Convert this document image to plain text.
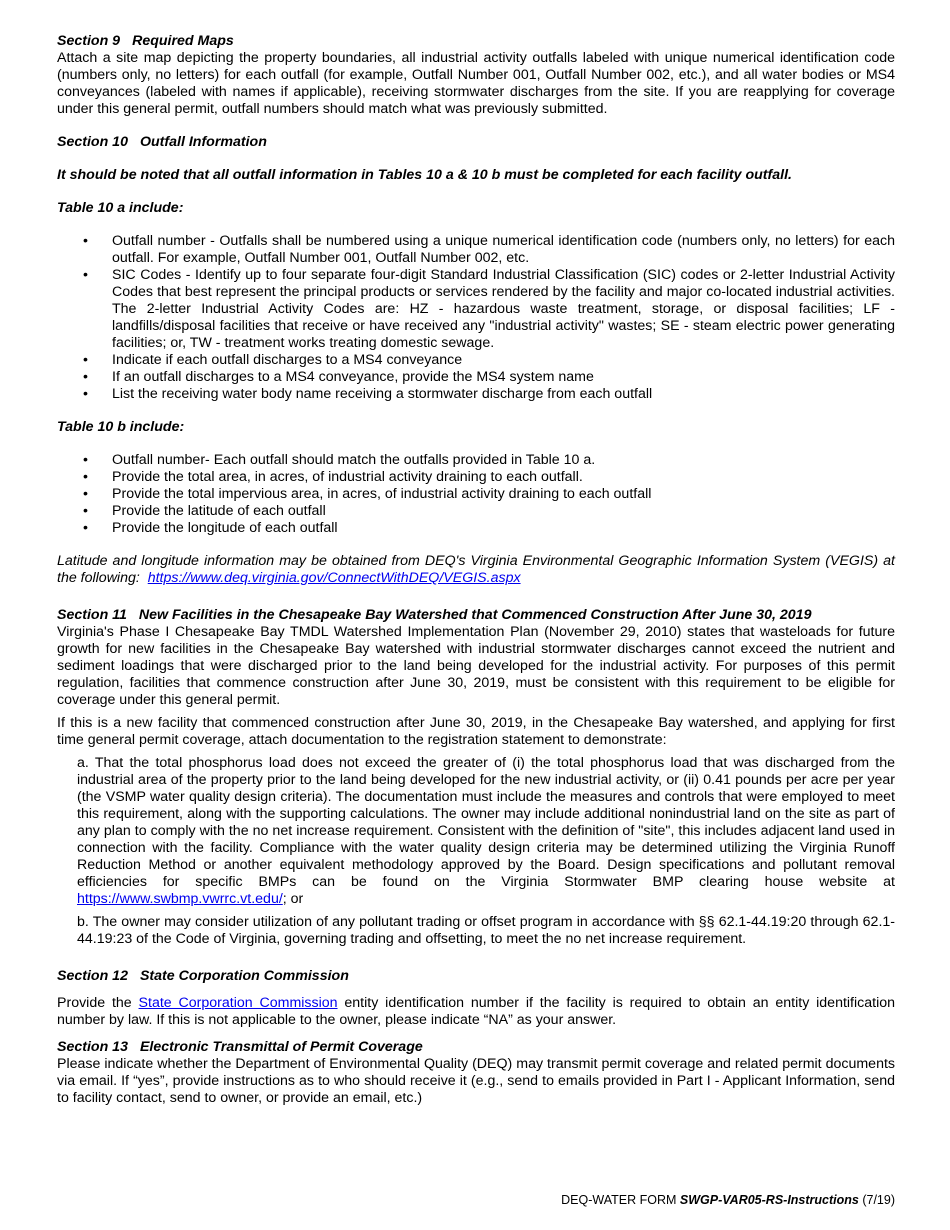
Section 9 Required Maps

Attach a site map depicting the property boundaries, all industrial activity outfalls labeled with unique numerical identification code (numbers only, no letters) for each outfall (for example, Outfall Number 001, Outfall Number 002, etc.), and all water bodies or MS4 conveyances (labeled with names if applicable), receiving stormwater discharges from the site. If you are reapplying for coverage under this general permit, outfall numbers should match what was previously submitted.

Section 10 Outfall Information

It should be noted that all outfall information in Tables 10 a & 10 b must be completed for each facility outfall.

Table 10 a include:

• Outfall number - Outfalls shall be numbered using a unique numerical identification code (numbers only, no letters) for each outfall. For example, Outfall Number 001, Outfall Number 002, etc.
• SIC Codes - Identify up to four separate four-digit Standard Industrial Classification (SIC) codes or 2-letter Industrial Activity Codes that best represent the principal products or services rendered by the facility and major co-located industrial activities. The 2-letter Industrial Activity Codes are: HZ - hazardous waste treatment, storage, or disposal facilities; LF - landfills/disposal facilities that receive or have received any "industrial activity" wastes; SE - steam electric power generating facilities; or, TW - treatment works treating domestic sewage.
• Indicate if each outfall discharges to a MS4 conveyance
• If an outfall discharges to a MS4 conveyance, provide the MS4 system name
• List the receiving water body name receiving a stormwater discharge from each outfall

Table 10 b include:

• Outfall number- Each outfall should match the outfalls provided in Table 10 a.
• Provide the total area, in acres, of industrial activity draining to each outfall.
• Provide the total impervious area, in acres, of industrial activity draining to each outfall
• Provide the latitude of each outfall
• Provide the longitude of each outfall

Latitude and longitude information may be obtained from DEQ's Virginia Environmental Geographic Information System (VEGIS) at the following: https://www.deq.virginia.gov/ConnectWithDEQ/VEGIS.aspx

Section 11 New Facilities in the Chesapeake Bay Watershed that Commenced Construction After June 30, 2019

Virginia's Phase I Chesapeake Bay TMDL Watershed Implementation Plan (November 29, 2010) states that wasteloads for future growth for new facilities in the Chesapeake Bay watershed with industrial stormwater discharges cannot exceed the nutrient and sediment loadings that were discharged prior to the land being developed for the industrial activity. For purposes of this permit regulation, facilities that commence construction after June 30, 2019, must be consistent with this requirement to be eligible for coverage under this general permit.

If this is a new facility that commenced construction after June 30, 2019, in the Chesapeake Bay watershed, and applying for first time general permit coverage, attach documentation to the registration statement to demonstrate:

a. That the total phosphorus load does not exceed the greater of (i) the total phosphorus load that was discharged from the industrial area of the property prior to the land being developed for the new industrial activity, or (ii) 0.41 pounds per acre per year (the VSMP water quality design criteria). The documentation must include the measures and controls that were employed to meet this requirement, along with the supporting calculations. The owner may include additional nonindustrial land on the site as part of any plan to comply with the no net increase requirement. Consistent with the definition of "site", this includes adjacent land used in connection with the facility. Compliance with the water quality design criteria may be determined utilizing the Virginia Runoff Reduction Method or another equivalent methodology approved by the Board. Design specifications and pollutant removal efficiencies for specific BMPs can be found on the Virginia Stormwater BMP clearing house website at https://www.swbmp.vwrrc.vt.edu/; or

b. The owner may consider utilization of any pollutant trading or offset program in accordance with §§ 62.1-44.19:20 through 62.1-44.19:23 of the Code of Virginia, governing trading and offsetting, to meet the no net increase requirement.

Section 12 State Corporation Commission

Provide the State Corporation Commission entity identification number if the facility is required to obtain an entity identification number by law. If this is not applicable to the owner, please indicate “NA” as your answer.

Section 13 Electronic Transmittal of Permit Coverage

Please indicate whether the Department of Environmental Quality (DEQ) may transmit permit coverage and related permit documents via email. If “yes”, provide instructions as to who should receive it (e.g., send to emails provided in Part I - Applicant Information, send to facility contact, send to owner, or provide an email, etc.)

DEQ-WATER FORM SWGP-VAR05-RS-Instructions (7/19)
